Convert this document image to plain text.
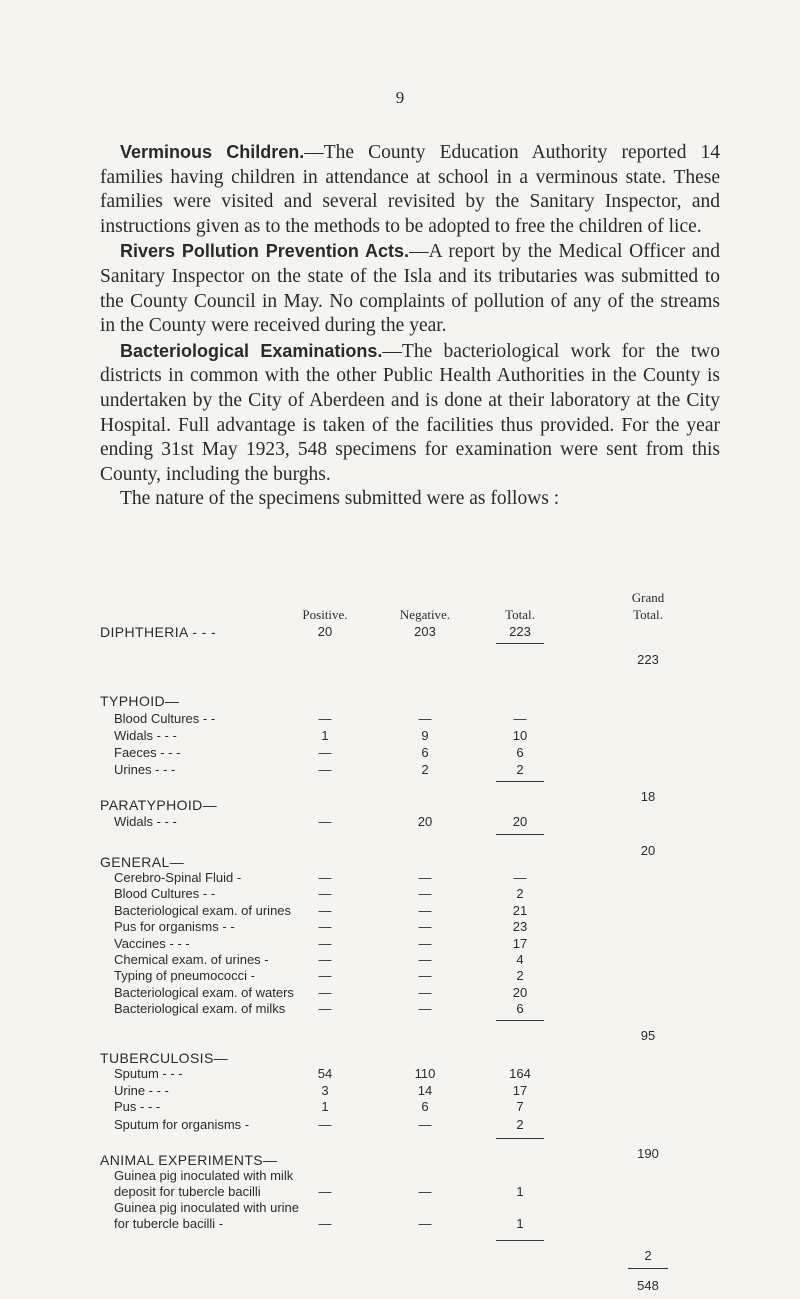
9

Verminous Children.—The County Education Authority reported 14 families having children in attendance at school in a verminous state. These families were visited and several revisited by the Sanitary Inspector, and instructions given as to the methods to be adopted to free the children of lice.

Rivers Pollution Prevention Acts.—A report by the Medical Officer and Sanitary Inspector on the state of the Isla and its tributaries was submitted to the County Council in May. No complaints of pollution of any of the streams in the County were received during the year.

Bacteriological Examinations.—The bacteriological work for the two districts in common with the other Public Health Authorities in the County is undertaken by the City of Aberdeen and is done at their laboratory at the City Hospital. Full advantage is taken of the facilities thus provided. For the year ending 31st May 1923, 548 specimens for examination were sent from this County, including the burghs.

The nature of the specimens submitted were as follows :

Positive.	Negative.	Total.
Grand
Total.
DIPHTHERIA - - -	20	203	223
223
TYPHOID—
Blood Cultures - -	—	—	—
Widals - - -	1	9	10
Faeces - - -	—	6	6
Urines - - -	—	2	2
18
PARATYPHOID—
Widals - - -	—	20	20
20
GENERAL—
Cerebro-Spinal Fluid -	—	—	—
Blood Cultures - -	—	—	2
Bacteriological exam. of urines	—	—	21
Pus for organisms - -	—	—	23
Vaccines - - -	—	—	17
Chemical exam. of urines -	—	—	4
Typing of pneumococci -	—	—	2
Bacteriological exam. of waters	—	—	20
Bacteriological exam. of milks	—	—	6
95
TUBERCULOSIS—
Sputum - - -	54	110	164
Urine - - -	3	14	17
Pus - - -	1	6	7
Sputum for organisms -	—	—	2
190
ANIMAL EXPERIMENTS—
Guinea pig inoculated with milk
deposit for tubercle bacilli	—	—	1
Guinea pig inoculated with urine
for tubercle bacilli -	—	—	1
2
548
